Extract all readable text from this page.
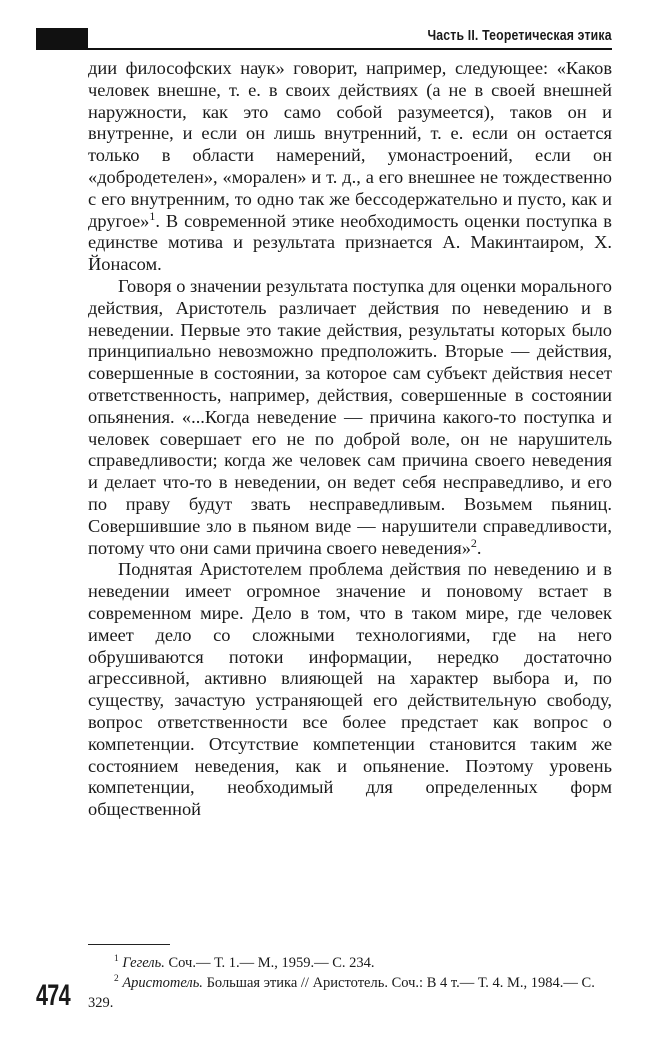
Часть II. Теоретическая этика

дии философских наук» говорит, например, следующее: «Каков человек внешне, т. е. в своих действиях (а не в своей внешней наружности, как это само собой разумеется), таков он и внутренне, и если он лишь внутренний, т. е. если он остается только в области намерений, умонастроений, если он «добродетелен», «морален» и т. д., а его внешнее не тождественно с его внутренним, то одно так же бессодержательно и пусто, как и другое»$^1$. В современной этике необходимость оценки поступка в единстве мотива и результата признается А. Макинтаиром, Х. Йонасом.

Говоря о значении результата поступка для оценки морального действия, Аристотель различает действия по неведению и в неведении. Первые это такие действия, результаты которых было принципиально невозможно предположить. Вторые — действия, совершенные в состоянии, за которое сам субъект действия несет ответственность, например, действия, совершенные в состоянии опьянения. «...Когда неведение — причина какого-то поступка и человек совершает его не по доброй воле, он не нарушитель справедливости; когда же человек сам причина своего неведения и делает что-то в неведении, он ведет себя несправедливо, и его по праву будут звать несправедливым. Возьмем пьяниц. Совершившие зло в пьяном виде — нарушители справедливости, потому что они сами причина своего неведения»$^2$.

Поднятая Аристотелем проблема действия по неведению и в неведении имеет огромное значение и поновому встает в современном мире. Дело в том, что в таком мире, где человек имеет дело со сложными технологиями, где на него обрушиваются потоки информации, нередко достаточно агрессивной, активно влияющей на характер выбора и, по существу, зачастую устраняющей его действительную свободу, вопрос ответственности все более предстает как вопрос о компетенции. Отсутствие компетенции становится таким же состоянием неведения, как и опьянение. Поэтому уровень компетенции, необходимый для определенных форм общественной

$^1$ Гегель. Соч.— Т. 1.— М., 1959.— С. 234.

$^2$ Аристотель. Большая этика // Аристотель. Соч.: В 4 т.— Т. 4. М., 1984.— С. 329.

474
